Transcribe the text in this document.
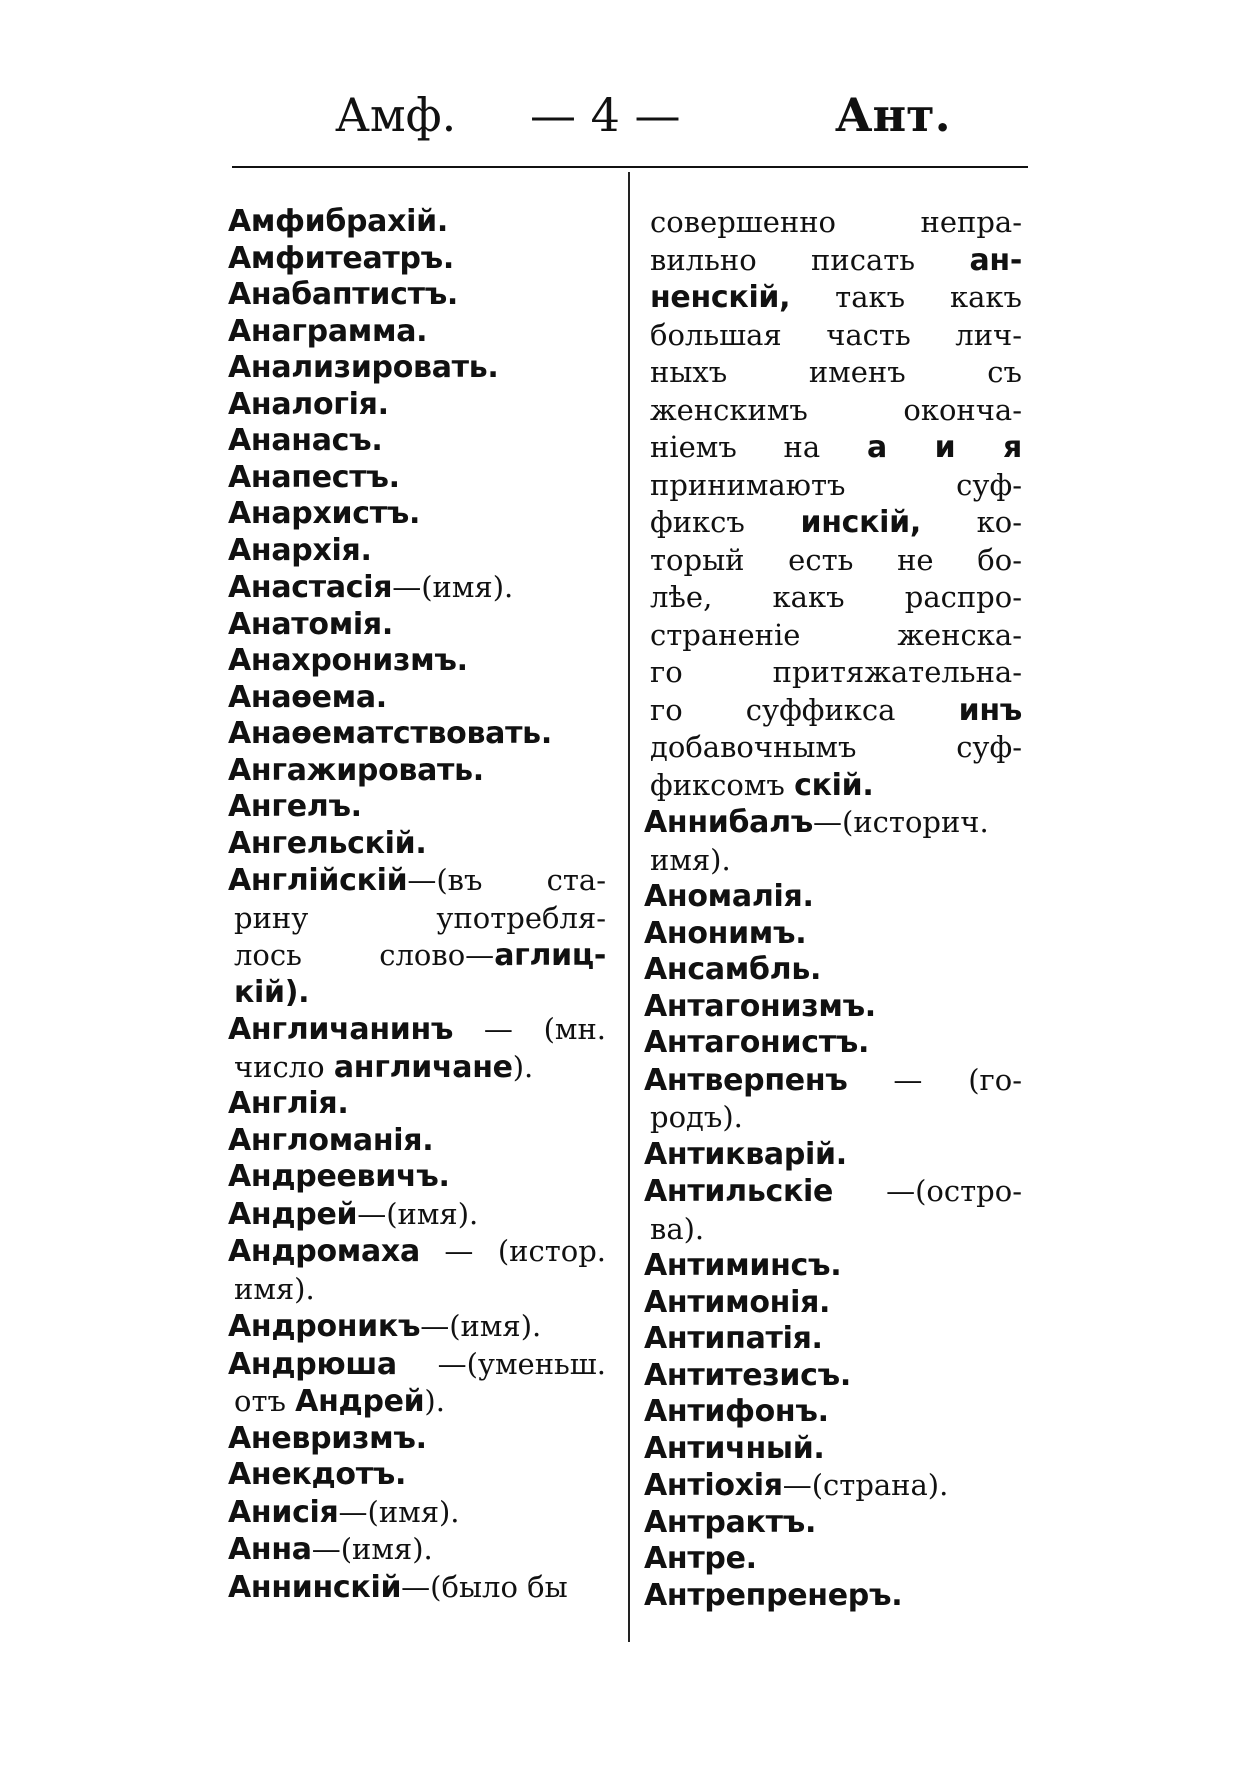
Амф. — 4 —	Ант.
Амфибрахій.
Амфитеатръ.
Анабаптистъ.
Анаграмма.
Анализировать.
Аналогія.
Ананасъ.
Анапестъ.
Анархистъ.
Анархія.
Анастасія—(имя).
Анатомія.
Анахронизмъ.
Анаѳема.
Анаѳематствовать.
Ангажировать.
Ангелъ.
Ангельскій.
Англійскій—(въ ста-
рину употребля-
лось слово—аглиц-
кій).
Англичанинъ — (мн.
число англичане).
Англія.
Англоманія.
Андреевичъ.
Андрей—(имя).
Андромаха — (истор.
имя).
Андроникъ—(имя).
Андрюша —(уменьш.
отъ Андрей).
Аневризмъ.
Анекдотъ.
Анисія—(имя).
Анна—(имя).
Аннинскій—(было бы
совершенно непра-
вильно писать ан-
ненскій, такъ какъ
большая часть лич-
ныхъ именъ съ
женскимъ оконча-
ніемъ на а и я
принимаютъ суф-
фиксъ инскій, ко-
торый есть не бо-
лѣе, какъ распро-
страненіе женска-
го притяжательна-
го суффикса инъ
добавочнымъ суф-
фиксомъ скій.
Аннибалъ—(историч.
имя).
Аномалія.
Анонимъ.
Ансамбль.
Антагонизмъ.
Антагонистъ.
Антверпенъ — (го-
родъ).
Антикварій.
Антильскіе —(остро-
ва).
Антиминсъ.
Антимонія.
Антипатія.
Антитезисъ.
Антифонъ.
Античный.
Антіохія—(страна).
Антрактъ.
Антре.
Антрепренеръ.
